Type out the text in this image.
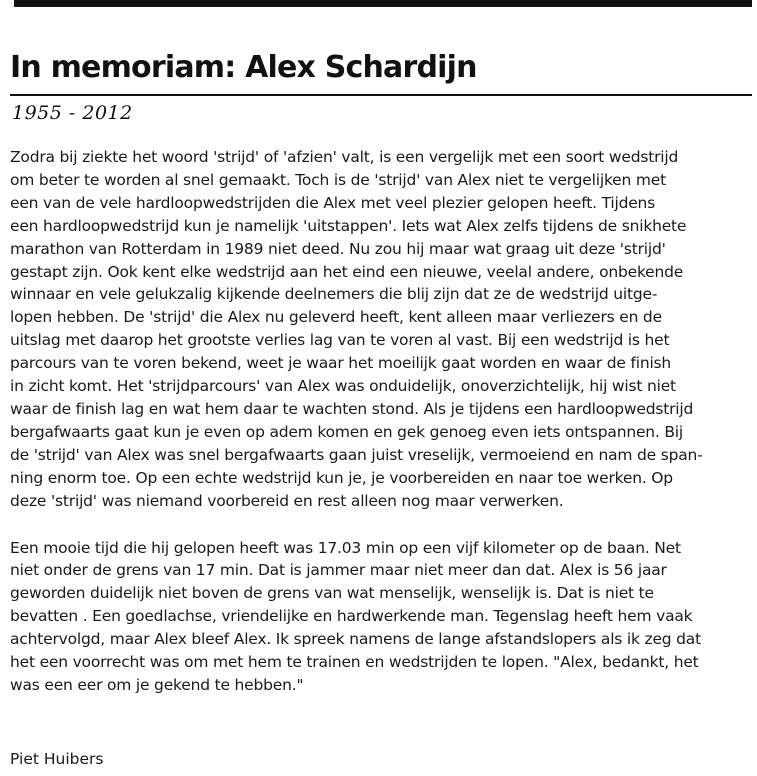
In memoriam: Alex Schardijn
1955 - 2012

Zodra bij ziekte het woord 'strijd' of 'afzien' valt, is een vergelijk met een soort wedstrijd
om beter te worden al snel gemaakt. Toch is de 'strijd' van Alex niet te vergelijken met
een van de vele hardloopwedstrijden die Alex met veel plezier gelopen heeft. Tijdens
een hardloopwedstrijd kun je namelijk 'uitstappen'. Iets wat Alex zelfs tijdens de snikhete
marathon van Rotterdam in 1989 niet deed. Nu zou hij maar wat graag uit deze 'strijd'
gestapt zijn. Ook kent elke wedstrijd aan het eind een nieuwe, veelal andere, onbekende
winnaar en vele gelukzalig kijkende deelnemers die blij zijn dat ze de wedstrijd uitge-
lopen hebben. De 'strijd' die Alex nu geleverd heeft, kent alleen maar verliezers en de
uitslag met daarop het grootste verlies lag van te voren al vast. Bij een wedstrijd is het
parcours van te voren bekend, weet je waar het moeilijk gaat worden en waar de finish
in zicht komt. Het 'strijdparcours' van Alex was onduidelijk, onoverzichtelijk, hij wist niet
waar de finish lag en wat hem daar te wachten stond. Als je tijdens een hardloopwedstrijd
bergafwaarts gaat kun je even op adem komen en gek genoeg even iets ontspannen. Bij
de 'strijd' van Alex was snel bergafwaarts gaan juist vreselijk, vermoeiend en nam de span-
ning enorm toe. Op een echte wedstrijd kun je, je voorbereiden en naar toe werken. Op
deze 'strijd' was niemand voorbereid en rest alleen nog maar verwerken.

Een mooie tijd die hij gelopen heeft was 17.03 min op een vijf kilometer op de baan. Net
niet onder de grens van 17 min. Dat is jammer maar niet meer dan dat. Alex is 56 jaar
geworden duidelijk niet boven de grens van wat menselijk, wenselijk is. Dat is niet te
bevatten . Een goedlachse, vriendelijke en hardwerkende man. Tegenslag heeft hem vaak
achtervolgd, maar Alex bleef Alex. Ik spreek namens de lange afstandslopers als ik zeg dat
het een voorrecht was om met hem te trainen en wedstrijden te lopen. "Alex, bedankt, het
was een eer om je gekend te hebben."

Piet Huibers
